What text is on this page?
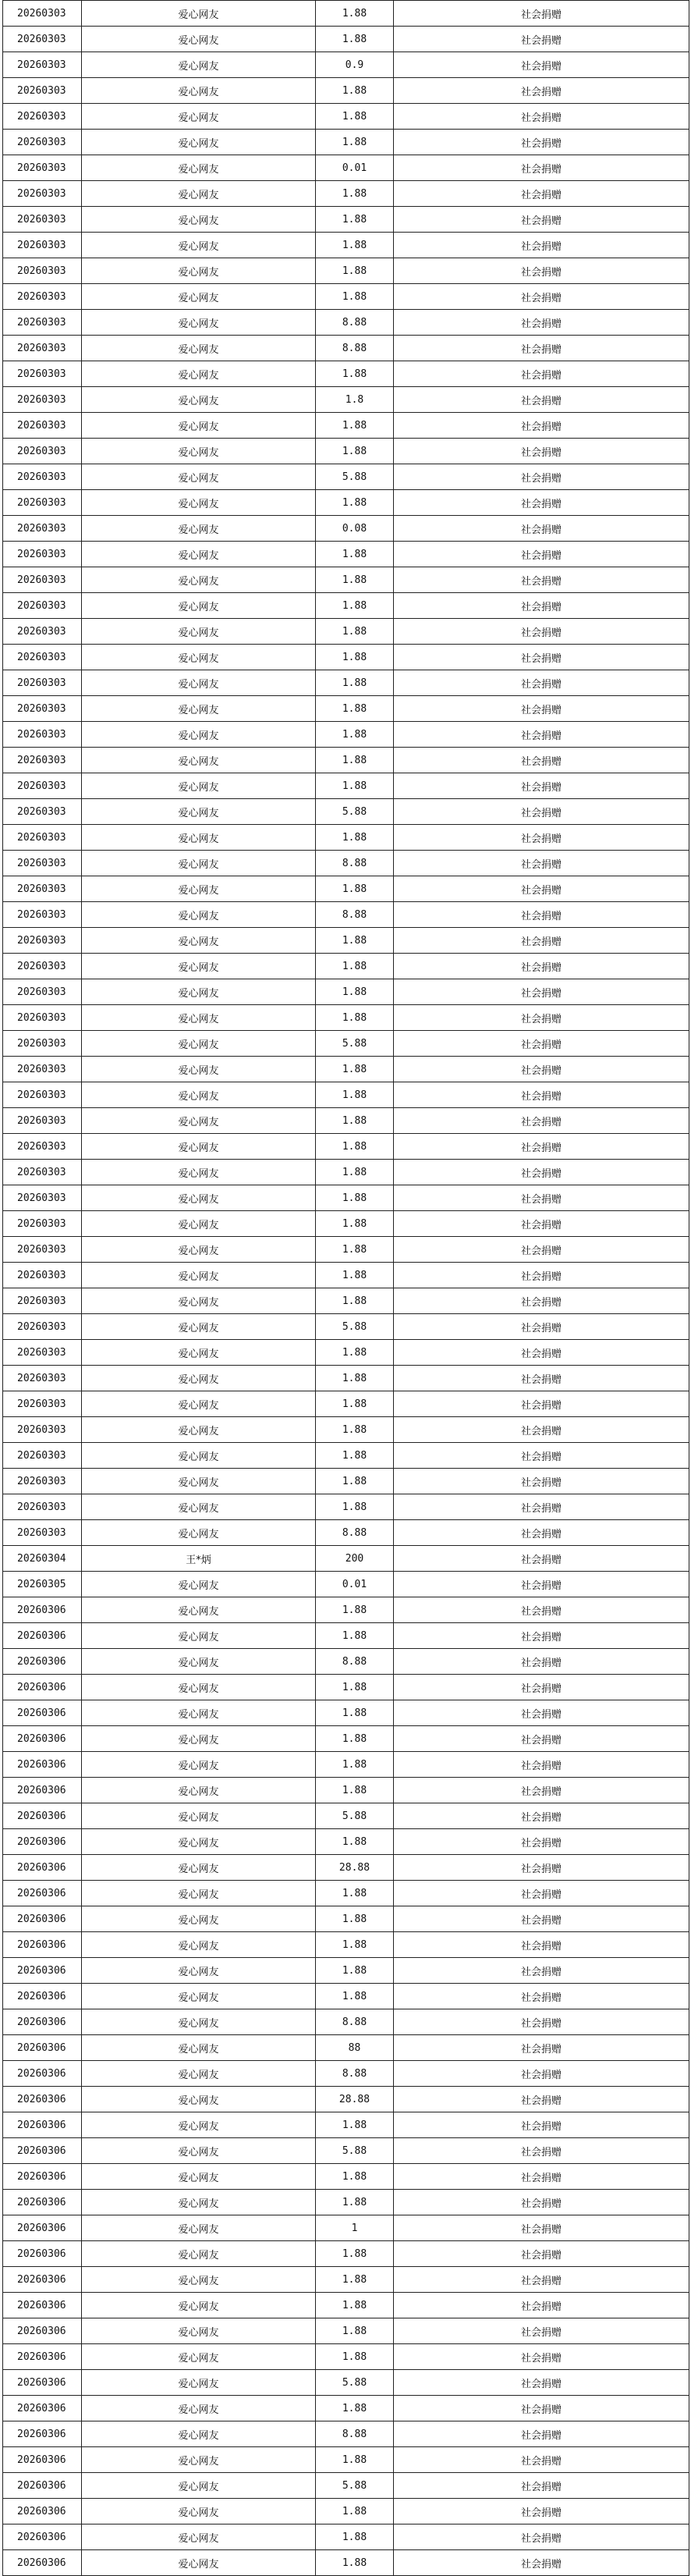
20260303	爱心网友	1.88	社会捐赠
20260303	爱心网友	1.88	社会捐赠
20260303	爱心网友	0.9	社会捐赠
20260303	爱心网友	1.88	社会捐赠
20260303	爱心网友	1.88	社会捐赠
20260303	爱心网友	1.88	社会捐赠
20260303	爱心网友	0.01	社会捐赠
20260303	爱心网友	1.88	社会捐赠
20260303	爱心网友	1.88	社会捐赠
20260303	爱心网友	1.88	社会捐赠
20260303	爱心网友	1.88	社会捐赠
20260303	爱心网友	1.88	社会捐赠
20260303	爱心网友	8.88	社会捐赠
20260303	爱心网友	8.88	社会捐赠
20260303	爱心网友	1.88	社会捐赠
20260303	爱心网友	1.8	社会捐赠
20260303	爱心网友	1.88	社会捐赠
20260303	爱心网友	1.88	社会捐赠
20260303	爱心网友	5.88	社会捐赠
20260303	爱心网友	1.88	社会捐赠
20260303	爱心网友	0.08	社会捐赠
20260303	爱心网友	1.88	社会捐赠
20260303	爱心网友	1.88	社会捐赠
20260303	爱心网友	1.88	社会捐赠
20260303	爱心网友	1.88	社会捐赠
20260303	爱心网友	1.88	社会捐赠
20260303	爱心网友	1.88	社会捐赠
20260303	爱心网友	1.88	社会捐赠
20260303	爱心网友	1.88	社会捐赠
20260303	爱心网友	1.88	社会捐赠
20260303	爱心网友	1.88	社会捐赠
20260303	爱心网友	5.88	社会捐赠
20260303	爱心网友	1.88	社会捐赠
20260303	爱心网友	8.88	社会捐赠
20260303	爱心网友	1.88	社会捐赠
20260303	爱心网友	8.88	社会捐赠
20260303	爱心网友	1.88	社会捐赠
20260303	爱心网友	1.88	社会捐赠
20260303	爱心网友	1.88	社会捐赠
20260303	爱心网友	1.88	社会捐赠
20260303	爱心网友	5.88	社会捐赠
20260303	爱心网友	1.88	社会捐赠
20260303	爱心网友	1.88	社会捐赠
20260303	爱心网友	1.88	社会捐赠
20260303	爱心网友	1.88	社会捐赠
20260303	爱心网友	1.88	社会捐赠
20260303	爱心网友	1.88	社会捐赠
20260303	爱心网友	1.88	社会捐赠
20260303	爱心网友	1.88	社会捐赠
20260303	爱心网友	1.88	社会捐赠
20260303	爱心网友	1.88	社会捐赠
20260303	爱心网友	5.88	社会捐赠
20260303	爱心网友	1.88	社会捐赠
20260303	爱心网友	1.88	社会捐赠
20260303	爱心网友	1.88	社会捐赠
20260303	爱心网友	1.88	社会捐赠
20260303	爱心网友	1.88	社会捐赠
20260303	爱心网友	1.88	社会捐赠
20260303	爱心网友	1.88	社会捐赠
20260303	爱心网友	8.88	社会捐赠
20260304	王*炳	200	社会捐赠
20260305	爱心网友	0.01	社会捐赠
20260306	爱心网友	1.88	社会捐赠
20260306	爱心网友	1.88	社会捐赠
20260306	爱心网友	8.88	社会捐赠
20260306	爱心网友	1.88	社会捐赠
20260306	爱心网友	1.88	社会捐赠
20260306	爱心网友	1.88	社会捐赠
20260306	爱心网友	1.88	社会捐赠
20260306	爱心网友	1.88	社会捐赠
20260306	爱心网友	5.88	社会捐赠
20260306	爱心网友	1.88	社会捐赠
20260306	爱心网友	28.88	社会捐赠
20260306	爱心网友	1.88	社会捐赠
20260306	爱心网友	1.88	社会捐赠
20260306	爱心网友	1.88	社会捐赠
20260306	爱心网友	1.88	社会捐赠
20260306	爱心网友	1.88	社会捐赠
20260306	爱心网友	8.88	社会捐赠
20260306	爱心网友	88	社会捐赠
20260306	爱心网友	8.88	社会捐赠
20260306	爱心网友	28.88	社会捐赠
20260306	爱心网友	1.88	社会捐赠
20260306	爱心网友	5.88	社会捐赠
20260306	爱心网友	1.88	社会捐赠
20260306	爱心网友	1.88	社会捐赠
20260306	爱心网友	1	社会捐赠
20260306	爱心网友	1.88	社会捐赠
20260306	爱心网友	1.88	社会捐赠
20260306	爱心网友	1.88	社会捐赠
20260306	爱心网友	1.88	社会捐赠
20260306	爱心网友	1.88	社会捐赠
20260306	爱心网友	5.88	社会捐赠
20260306	爱心网友	1.88	社会捐赠
20260306	爱心网友	8.88	社会捐赠
20260306	爱心网友	1.88	社会捐赠
20260306	爱心网友	5.88	社会捐赠
20260306	爱心网友	1.88	社会捐赠
20260306	爱心网友	1.88	社会捐赠
20260306	爱心网友	1.88	社会捐赠
